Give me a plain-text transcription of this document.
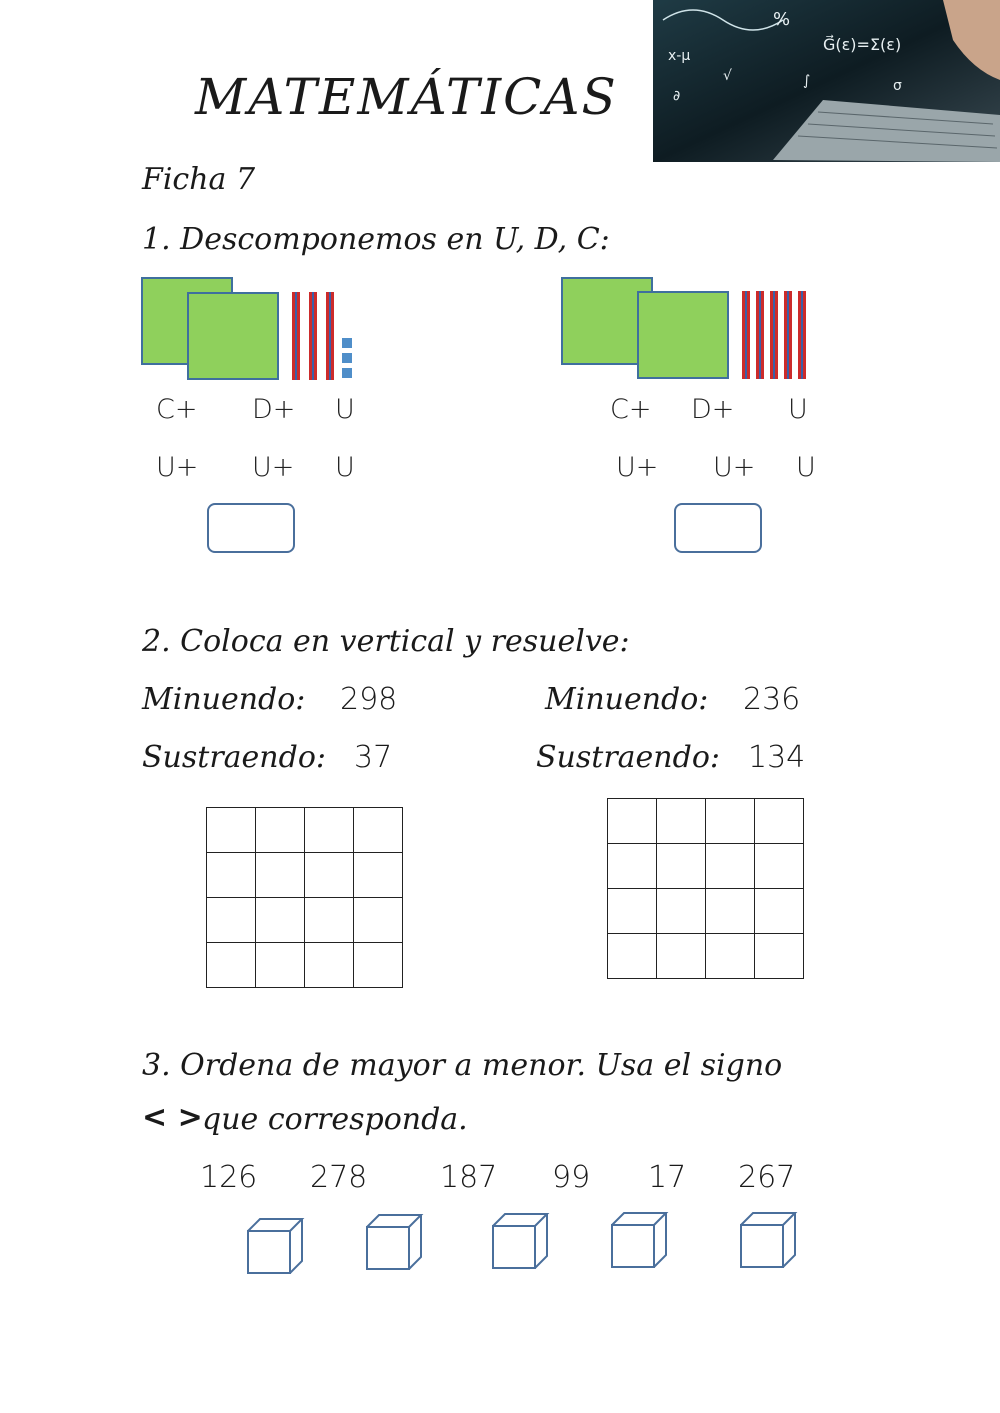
MATEMÁTICAS
x-μ
G⃗(ε)=Σ(ε)
%
∫
√
σ
∂
Ficha 7
1. Descomponemos en U, D, C:
C+ D+ U
U+ U+ U
C+ D+ U
U+ U+ U
2. Coloca en vertical y resuelve:
Minuendo: 298
Sustraendo: 37
Minuendo: 236
Sustraendo: 134

3. Ordena de mayor a menor. Usa el signo
< > que corresponda.
126 278 187 99 17 267
